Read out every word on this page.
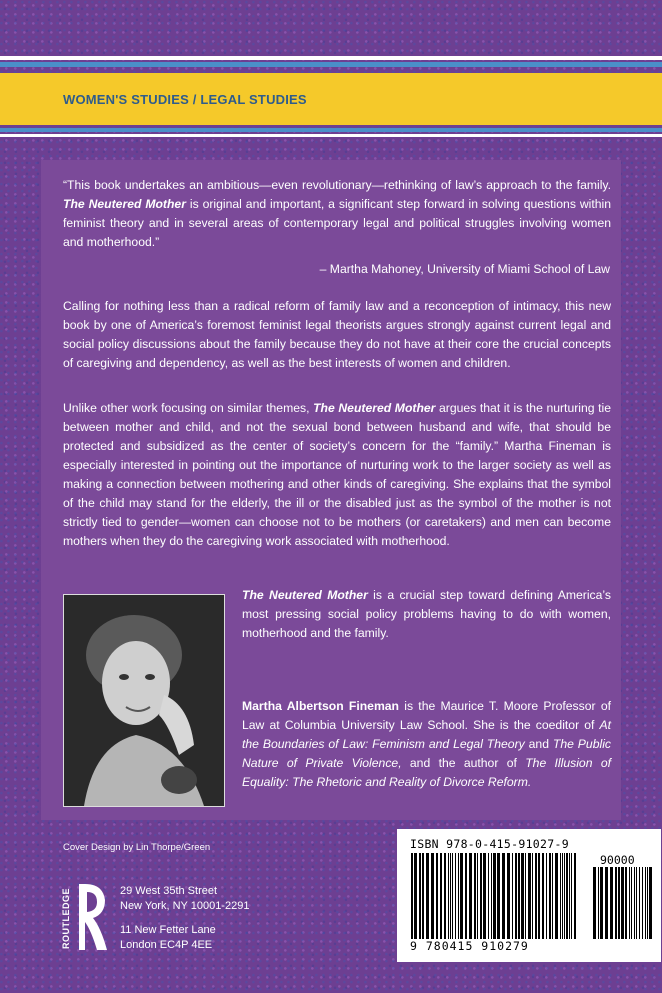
WOMEN'S STUDIES / LEGAL STUDIES
“This book undertakes an ambitious—even revolutionary—rethinking of law’s approach to the family. The Neutered Mother is original and important, a significant step forward in solving questions within feminist theory and in several areas of contemporary legal and political struggles involving women and motherhood.”
– Martha Mahoney, University of Miami School of Law
Calling for nothing less than a radical reform of family law and a reconception of intimacy, this new book by one of America’s foremost feminist legal theorists argues strongly against current legal and social policy discussions about the family because they do not have at their core the crucial concepts of caregiving and dependency, as well as the best interests of women and children.
Unlike other work focusing on similar themes, The Neutered Mother argues that it is the nurturing tie between mother and child, and not the sexual bond between husband and wife, that should be protected and subsidized as the center of society’s concern for the “family.” Martha Fineman is especially interested in pointing out the importance of nurturing work to the larger society as well as making a connection between mothering and other kinds of caregiving. She explains that the symbol of the child may stand for the elderly, the ill or the disabled just as the symbol of the mother is not strictly tied to gender—women can choose not to be mothers (or caretakers) and men can become mothers when they do the caregiving work associated with motherhood.
The Neutered Mother is a crucial step toward defining America’s most pressing social policy problems having to do with women, motherhood and the family.
Martha Albertson Fineman is the Maurice T. Moore Professor of Law at Columbia University Law School. She is the coeditor of At the Boundaries of Law: Feminism and Legal Theory and The Public Nature of Private Violence, and the author of The Illusion of Equality: The Rhetoric and Reality of Divorce Reform.
Cover Design by Lin Thorpe/Green
ROUTLEDGE	29 West 35th Street
New York, NY 10001-2291
11 New Fetter Lane
London EC4P 4EE
ISBN 978-0-415-91027-9
90000
9 780415 910279
